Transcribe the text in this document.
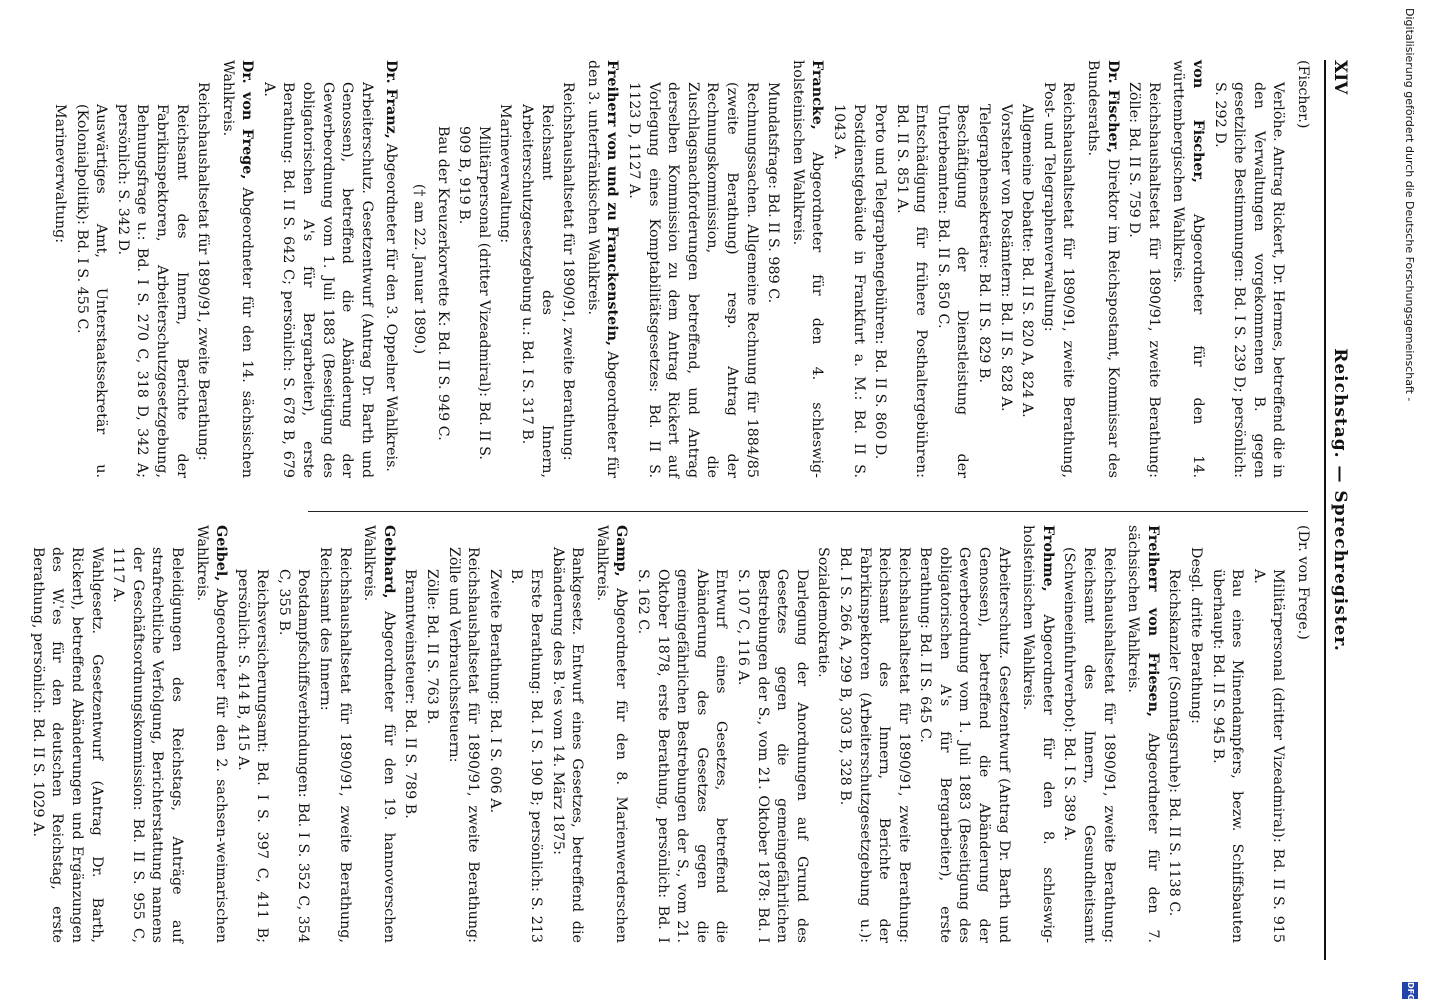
Digitalisierung gefördert durch die Deutsche Forschungsgemeinschaft -
DFG
XIV
Reichstag. — Sprechregister.

(Fischer.)

Verlöhe. Antrag Rickert, Dr. Hermes, betreffend die in den Verwaltungen vorgekommenen B. gegen gesetzliche Bestimmungen: Bd. I S. 239 D; persönlich: S. 292 D.

von Fischer, Abgeordneter für den 14. württembergischen Wahlkreis.

Reichshaushaltsetat für 1890/91, zweite Berathung: Zölle: Bd. II S. 759 D.

Dr. Fischer, Direktor im Reichspostamt, Kommissar des Bundesraths.

Reichshaushaltsetat für 1890/91, zweite Berathung, Post- und Telegraphenverwaltung:

Allgemeine Debatte: Bd. II S. 820 A, 824 A.

Vorsteher von Postämtern: Bd. II S. 828 A.

Telegraphensekretäre: Bd. II S. 829 B.

Beschäftigung der Dienstleistung der Unterbeamten: Bd. II S. 850 C.

Entschädigung für frühere Posthaltergebühren: Bd. II S. 851 A.

Porto und Telegraphengebühren: Bd. II S. 860 D.

Postdienstgebäude in Frankfurt a. M.: Bd. II S. 1043 A.

Francke, Abgeordneter für den 4. schleswig-holsteinischen Wahlkreis.

Mundatsfrage: Bd. II S. 989 C.

Rechnungssachen. Allgemeine Rechnung für 1884/85 (zweite Berathung) resp. Antrag der Rechnungskommission, die Zuschlagsnachforderungen betreffend, und Antrag derselben Kommission zu dem Antrag Rickert auf Vorlegung eines Komptabilitätsgesetzes: Bd. II S. 1123 D, 1127 A.

Freiherr von und zu Franckenstein, Abgeordneter für den 3. unterfränkischen Wahlkreis.

Reichshaushaltsetat für 1890/91, zweite Berathung:

Reichsamt des Innern, Arbeiterschutzgesetzgebung u.: Bd. I S. 317 B.

Marineverwaltung:

Militärpersonal (dritter Vizeadmiral): Bd. II S. 909 B, 919 B.

Bau der Kreuzerkorvette K: Bd. II S. 949 C.

(† am 22. Januar 1890.)

Dr. Franz, Abgeordneter für den 3. Oppelner Wahlkreis.

Arbeiterschutz. Gesetzentwurf (Antrag Dr. Barth und Genossen), betreffend die Abänderung der Gewerbeordnung vom 1. Juli 1883 (Beseitigung des obligatorischen A's für Bergarbeiter), erste Berathung: Bd. II S. 642 C; persönlich: S. 678 B, 679 A.

Dr. von Frege, Abgeordneter für den 14. sächsischen Wahlkreis.

Reichshaushaltsetat für 1890/91, zweite Berathung:

Reichsamt des Innern, Berichte der Fabrikinspektoren, Arbeiterschutzgesetzgebung, Behnungsfrage u.: Bd. I S. 270 C, 318 D, 342 A; persönlich: S. 342 D.

Auswärtiges Amt, Unterstaatssekretär u. (Kolonialpolitik): Bd. I S. 455 C.

Marineverwaltung:

(Dr. von Frege.)

Militärpersonal (dritter Vizeadmiral): Bd. II S. 915 A.

Bau eines Minendampfers, bezw. Schiffsbauten überhaupt: Bd. II S. 945 B.

Desgl. dritte Berathung:

Reichskanzler (Sonntagsruhe): Bd. II S. 1138 C.

Freiherr von Friesen, Abgeordneter für den 7. sächsischen Wahlkreis.

Reichshaushaltsetat für 1890/91, zweite Berathung: Reichsamt des Innern, Gesundheitsamt (Schweineeinfuhrverbot): Bd. I S. 389 A.

Frohme, Abgeordneter für den 8. schleswig-holsteinischen Wahlkreis.

Arbeiterschutz. Gesetzentwurf (Antrag Dr. Barth und Genossen), betreffend die Abänderung der Gewerbeordnung vom 1. Juli 1883 (Beseitigung des obligatorischen A's für Bergarbeiter), erste Berathung: Bd. II S. 645 C.

Reichshaushaltsetat für 1890/91, zweite Berathung: Reichsamt des Innern, Berichte der Fabrikinspektoren (Arbeiterschutzgesetzgebung u.): Bd. I S. 266 A, 299 B, 303 B, 328 B.

Sozialdemokratie.

Darlegung der Anordnungen auf Grund des Gesetzes gegen die gemeingefährlichen Bestrebungen der S., vom 21. Oktober 1878: Bd. I S. 107 C, 116 A.

Entwurf eines Gesetzes, betreffend die Abänderung des Gesetzes gegen die gemeingefährlichen Bestrebungen der S., vom 21. Oktober 1878, erste Berathung, persönlich: Bd. I S. 162 C.

Gamp, Abgeordneter für den 8. Marienwerderschen Wahlkreis.

Bankgesetz. Entwurf eines Gesetzes, betreffend die Abänderung des B.'es vom 14. März 1875:

Erste Berathung: Bd. I S. 190 B; persönlich: S. 213 B.

Zweite Berathung: Bd. I S. 606 A.

Reichshaushaltsetat für 1890/91, zweite Berathung: Zölle und Verbrauchssteuern:

Zölle: Bd. II S. 763 B.

Branntweinsteuer: Bd. II S. 789 B.

Gebhard, Abgeordneter für den 19. hannoverschen Wahlkreis.

Reichshaushaltsetat für 1890/91, zweite Berathung, Reichsamt des Innern:

Postdampfschiffsverbindungen: Bd. I S. 352 C, 354 C, 355 B.

Reichsversicherungsamt: Bd. I S. 397 C, 411 B; persönlich: S. 414 B, 415 A.

Geibel, Abgeordneter für den 2. sachsen-weimarischen Wahlkreis.

Beleidigungen des Reichstags, Anträge auf strafrechtliche Verfolgung, Berichterstattung namens der Geschäftsordnungskommission: Bd. II S. 955 C, 1117 A.

Wahlgesetz. Gesetzentwurf (Antrag Dr. Barth, Rickert), betreffend Abänderungen und Ergänzungen des W.'es für den deutschen Reichstag, erste Berathung, persönlich: Bd. II S. 1029 A.
